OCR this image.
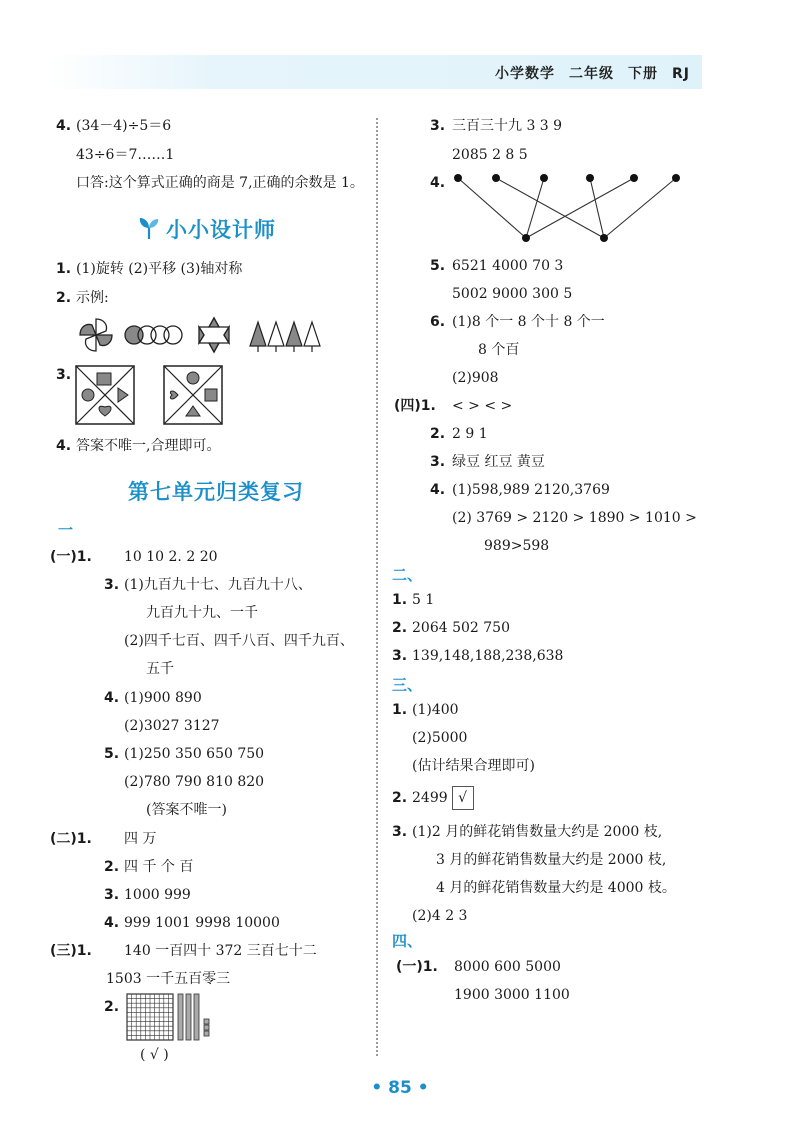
小学数学 二年级 下册 RJ
4. (34－4)÷5＝6
43÷6＝7……1
口答:这个算式正确的商是 7,正确的余数是 1。
小小设计师
1. (1)旋转 (2)平移 (3)轴对称
2. 示例:
3.
4. 答案不唯一,合理即可。
第七单元归类复习
一
(一)1. 10 10 2. 2 20
3. (1)九百九十七、九百九十八、
九百九十九、一千
(2)四千七百、四千八百、四千九百、
五千
4. (1)900 890
(2)3027 3127
5. (1)250 350 650 750
(2)780 790 810 820
(答案不唯一)
(二)1. 四 万
2. 四 千 个 百
3. 1000 999
4. 999 1001 9998 10000
(三)1. 140 一百四十 372 三百七十二
1503 一千五百零三
2.
( √ )
3. 三百三十九 3 3 9
2085 2 8 5
4.
5. 6521 4000 70 3
5002 9000 300 5
6. (1)8 个一 8 个十 8 个一
8 个百
(2)908
(四)1. < > < >
2. 2 9 1
3. 绿豆 红豆 黄豆
4. (1)598,989 2120,3769
(2) 3769 > 2120 > 1890 > 1010 >
989>598
二、
1. 5 1
2. 2064 502 750
3. 139,148,188,238,638
三、
1. (1)400
(2)5000
(估计结果合理即可)
2. 2499 √
3. (1)2 月的鲜花销售数量大约是 2000 枝,
3 月的鲜花销售数量大约是 2000 枝,
4 月的鲜花销售数量大约是 4000 枝。
(2)4 2 3
四、
(一)1. 8000 600 5000
1900 3000 1100
• 85 •
